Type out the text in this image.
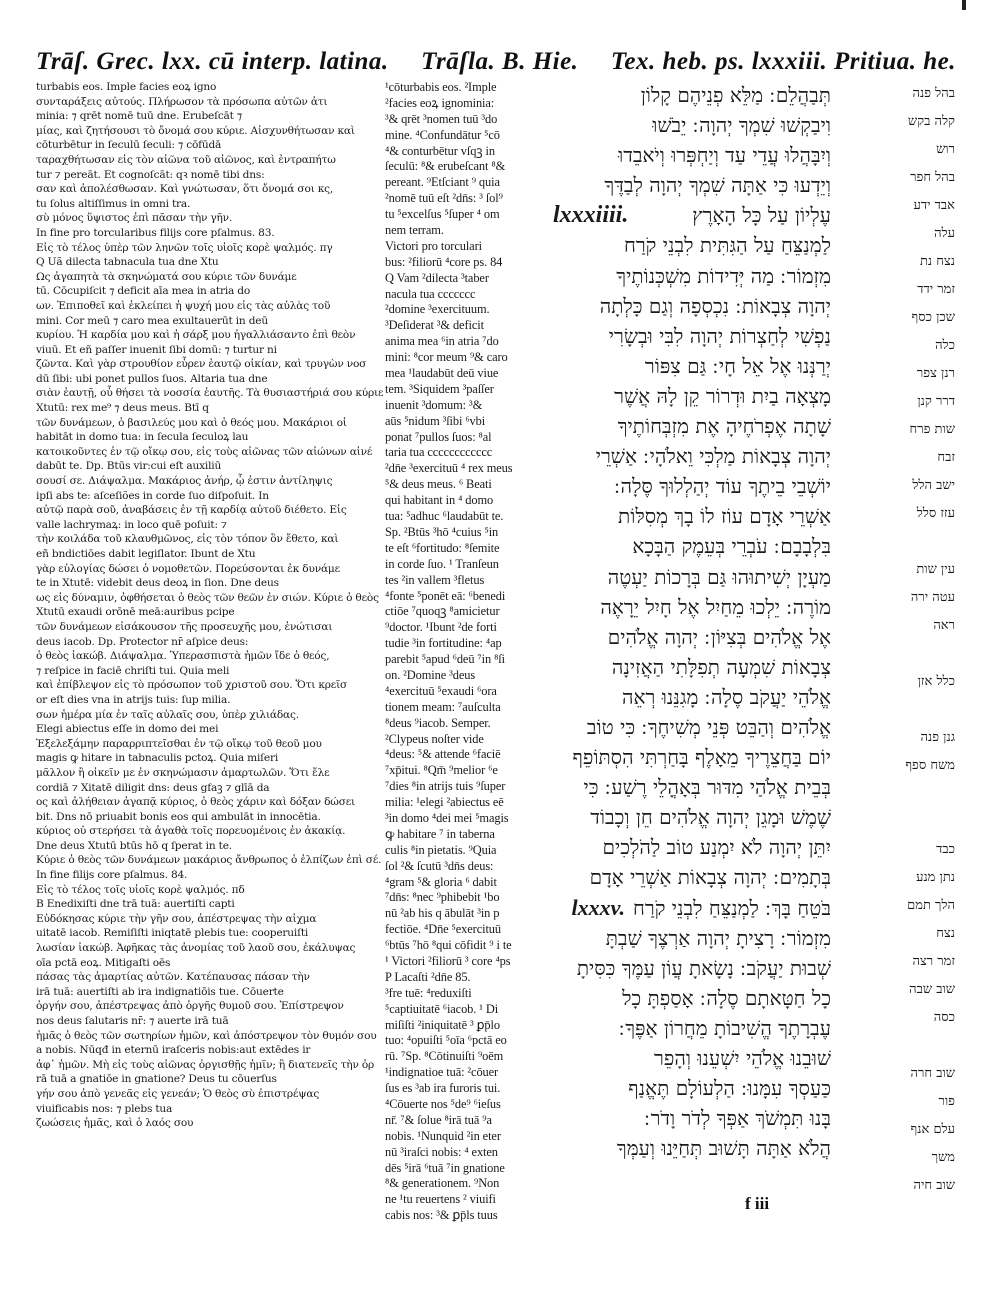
Trāſ. Grec. lxx. cū interp. latina. Trāſla. B. Hie. Tex. heb. ps. lxxxiii. Pritiua. he.
turbabis eos. Imple facies eoꝝ igno
συνταράξεις αὐτούς. Πλήρωσον τὰ πρόσωπα αὐτῶν ἀτι
minia: ⁊ qrēt nomē tuū dne. Erubeſcāt ⁊
μίας, καὶ ζητήσουσι τὸ ὄνομά σου κύριε. Αἰσχυνθήτωσαν καὶ
cōturbētur in ſeculū ſeculi: ⁊ cōfūdā
ταραχθήτωσαν εἰς τὸν αἰῶνα τοῦ αἰῶνος, καὶ ἐντραπήτω
tur ⁊ pereāt. Et cognoſcāt: qꝛ nomē tibi dns:
σαν καὶ ἀπολέσθωσαν. Καὶ γνώτωσαν, ὅτι ὄνομά σοι κς,
tu ſolus altiſſimus in omni tra.
σὺ μόνος ὕψιστος ἐπὶ πᾶσαν τὴν γῆν.
In fine pro torcularibus filijs core pſalmus. 83.
Εἰς τὸ τέλος ὑπὲρ τῶν ληνῶν τοῖς υἱοῖς κορὲ ψαλμός. πγ
Q Uã dilecta tabnacula tua dne Xtu
Ως ἀγαπητὰ τὰ σκηνώματά σου κύριε τῶν δυνάμε
tū. Cōcupiſcit ⁊ deficit aīa mea in atria do
ων. Ἐπιποθεῖ καὶ ἐκλείπει ἡ ψυχή μου εἰς τὰς αὐλὰς τοῦ
mini. Cor meū ⁊ caro mea exultauerūt in deū
κυρίου. Ἡ καρδία μου καὶ ἡ σάρξ μου ἠγαλλιάσαντο ἐπὶ θεὸν
viuū. Et eñ paſſer inuenit ſibi domū: ⁊ turtur ni
ζῶντα. Καὶ γὰρ στρουθίον εὗρεν ἑαυτῷ οἰκίαν, καὶ τρυγὼν νοσ
dū ſibi: ubi ponet pullos ſuos. Altaria tua dne
σιὰν ἑαυτῇ, οὗ θήσει τὰ νοσσία ἑαυτῆς. Τὰ θυσιαστήριά σου κύριε
Xtutū: rex me⁹ ⁊ deus meus. Btī q
τῶν δυνάμεων, ὁ βασιλεύς μου καὶ ὁ θεός μου. Μακάριοι οἱ
habitāt in domo tua: in ſecula ſeculoꝝ lau
κατοικοῦντες ἐν τῷ οἴκῳ σου, εἰς τοὺς αἰῶνας τῶν αἰώνων αἰνέ
dabūt te. Dp. Btūs vir:cui eſt auxiliū
σουσί σε. Διάψαλμα. Μακάριος ἀνήρ, ᾧ ἐστιν ἀντίληψις
ipſi abs te: aſceſiões in corde ſuo diſpoſuit. In
αὐτῷ παρὰ σοῦ, ἀναβάσεις ἐν τῇ καρδίᾳ αὐτοῦ διέθετο. Εἰς
valle lachrymaꝝ: in loco quē poſuit: ⁊
τὴν κοιλάδα τοῦ κλαυθμῶνος, εἰς τὸν τόπον ὃν ἔθετο, καὶ
eñ bndictiōes dabit legiſlator. Ibunt de Xtu
γὰρ εὐλογίας δώσει ὁ νομοθετῶν. Πορεύσονται ἐκ δυνάμε
te in Xtutē: videbit deus deoꝝ in ſion. Dne deus
ως εἰς δύναμιν, ὀφθήσεται ὁ θεὸς τῶν θεῶν ἐν σιών. Κύριε ὁ θεὸς
Xtutū exaudi orōnē meā:auribus pcipe
τῶν δυνάμεων εἰσάκουσον τῆς προσευχῆς μου, ἐνώτισαι
deus iacob. Dp. Protector nr̄ aſpice deus:
ὁ θεὸς ἰακώβ. Διάψαλμα. Ὑπερασπιστὰ ἡμῶν ἴδε ὁ θεός,
⁊ reſpice in faciē chriſti tui. Quia meli
καὶ ἐπίβλεψον εἰς τὸ πρόσωπον τοῦ χριστοῦ σου. Ὅτι κρεῖσ
or eſt dies vna in atrijs tuis: ſup milia.
σων ἡμέρα μία ἐν ταῖς αὐλαῖς σου, ὑπὲρ χιλιάδας.
Elegi abiectus eſſe in domo dei mei
Ἐξελεξάμην παραρριπτεῖσθαι ἐν τῷ οἴκῳ τοῦ θεοῦ μου
magis ꝙ hitare in tabnaculis pctoꝝ. Quia miſeri
μᾶλλον ἢ οἰκεῖν με ἐν σκηνώμασιν ἁμαρτωλῶν. Ὅτι ἔλε
cordiā ⁊ Xitatē diligit dns: deus gfaꝫ ⁊ glīā da
ος καὶ ἀλήθειαν ἀγαπᾷ κύριος, ὁ θεὸς χάριν καὶ δόξαν δώσει
bit. Dns nō priuabit bonis eos qui ambulāt in innocētia.
κύριος οὐ στερήσει τὰ ἀγαθὰ τοῖς πορευομένοις ἐν ἀκακίᾳ.
Dne deus Xtutū btūs hō q ſperat in te.
Κύριε ὁ θεὸς τῶν δυνάμεων μακάριος ἄνθρωπος ὁ ἐλπίζων ἐπὶ σέ.
In fine filijs core pſalmus. 84.
Εἰς τὸ τέλος τοῖς υἱοῖς κορὲ ψαλμός. πδ
B Enedixiſti dne trā tuā: auertiſti capti
Εὐδόκησας κύριε τὴν γῆν σου, ἀπέστρεψας τὴν αἰχμα
uitatē iacob. Remiſiſti iniqtatē plebis tue: cooperuiſti
λωσίαν ἰακώβ. Ἀφῆκας τὰς ἀνομίας τοῦ λαοῦ σου, ἐκάλυψας
oīa pctā eoꝝ. Mitigaſti oēs
πάσας τὰς ἁμαρτίας αὐτῶν. Κατέπαυσας πάσαν τὴν
irā tuā: auertiſti ab ira indignatiōis tue. Cōuerte
ὀργήν σου, ἀπέστρεψας ἀπὸ ὀργῆς θυμοῦ σου. Ἐπίστρεψον
nos deus ſalutaris nr̄: ⁊ auerte irā tuā
ἡμᾶς ὁ θεὸς τῶν σωτηρίων ἡμῶν, καὶ ἀπόστρεψον τὸν θυμόν σου
a nobis. Nūqđ in eternū iraſceris nobis:aut extēdes ir
ἀφ᾽ ἡμῶν. Μὴ εἰς τοὺς αἰῶνας ὀργισθῇς ἡμῖν; ἢ διατενεῖς τὴν ὀρ
rā tuā a gnatiōe in gnatione? Deus tu cōuerſus
γήν σου ἀπὸ γενεᾶς εἰς γενεάν; Ὁ θεὸς σὺ ἐπιστρέψας
viuificabis nos: ⁊ plebs tua
ζωώσεις ἡμᾶς, καὶ ὁ λαός σου
¹cōturbabis eos. ²Imple
²facies eoꝝ ignominia:
³& qrēt ³nomen tuū ³do
mine. ⁴Confundātur ⁵cō
⁴& conturbētur vſqꝫ in
ſeculū: ⁸& erubeſcant ⁸&
pereant. ⁹Etſciant ⁹ quia
²nomē tuū eſt ²dn̄s: ³ ſol⁹
tu ⁵excelſus ⁵ſuper ⁴ om
nem terram.
Victori pro torculari
bus: ²filiorū ⁴core ps. 84
Q Vam ²dilecta ³taber
nacula tua ccccccc
²domine ³exercituum.
³Deſiderat ³& deficit
anima mea ⁶in atria ⁷do
mini: ⁸cor meum ⁹& caro
mea ¹laudabūt deū viue
tem. ³Siquidem ³paſſer
inuenit ³domum: ³&
aūs ⁵nidum ³ſibi ⁶vbi
ponat ⁷pullos ſuos: ⁸al
taria tua cccccccccccc
²dn̄e ³exercituū ⁴ rex meus
⁵& deus meus. ⁶ Beati
qui habitant in ⁴ domo
tua: ⁵adhuc ⁶laudabūt te.
Sp. ²Btūs ³hō ⁴cuius ⁵in
te eſt ⁶fortitudo: ⁸ſemite
in corde ſuo. ¹ Tranſeun
tes ²in vallem ³fletus
⁴fonte ⁵ponēt eā: ⁶benedi
ctiōe ⁷quoqꝫ ⁸amicietur
⁹doctor. ¹Ibunt ²de forti
tudie ³in fortitudine: ⁴ap
parebit ⁵apud ⁶deū ⁷in ⁸ſi
on. ²Domine ³deus
⁴exercituū ⁵exaudi ⁶ora
tionem meam: ⁷auſculta
⁸deus ⁹iacob. Semper.
²Clypeus noſter vide
⁴deus: ⁵& attende ⁶faciē
⁷xp̄itui. ⁸Qm̄ ⁹melior ⁶e
⁷dies ⁸in atrijs tuis ⁹ſuper
milia: ¹elegi ²abiectus eē
³in domo ⁴dei mei ⁵magis
ꝙ habitare ⁷ in taberna
culis ⁸in pietatis. ⁹Quia
ſol ²& ſcutū ³dn̄s deus:
⁴gram ⁵& gloria ⁶ dabit
⁷dn̄s: ⁸nec ⁹phibebit ¹bo
nū ²ab his q ābulāt ³in p
fectiōe. ⁴Dn̄e ⁵exercituū
⁶btūs ⁷hō ⁸qui cōfidit ⁹ i te
¹ Victori ²filiorū ³ core ⁴ps
P Lacaſti ²dn̄e 85.
³fre tuē: ⁴reduxiſti
⁵captiuitatē ⁶iacob. ¹ Di
miſiſti ²iniquitatē ³ ꝑp̄lo
tuo: ⁴opuiſti ⁵oīa ⁶pctā eo
rū. ⁷Sp. ⁸Cōtinuiſti ⁹oēm
¹indignatioe tuā: ²cōuer
ſus es ³ab ira furoris tui.
⁴Cōuerte nos ⁵de⁹ ⁶ieſus
nr̄. ⁷& ſolue ⁸irā tuā ⁹a
nobis. ¹Nunquid ²in eter
nū ³iraſci nobis: ⁴ exten
dēs ⁵irā ⁶tuā ⁷in gnatione
⁸& generationem. ⁹Non
ne ¹tu reuertens ² viuifi
cabis nos: ³& ꝑp̄ls tuus
תְּבַהֲלֵם ׃ מַלֵּא פְנֵיהֶם קָלוֹן
וִיבַקְשׁוּ שִׁמְךָ יְהוָה ׃ יֵבֹשׁוּ
וְיִבָּהֲלוּ עֲדֵי עַד וְיַחְפְּרוּ וְיֹאבֵדוּ
וְיֵדְעוּ כִּי אַתָּה שִׁמְךָ יְהוָה לְבַדֶּךָ
עֶלְיוֹן עַל כָּל הָאָרֶץ
lxxxiiii.
לַמְנַצֵּחַ עַל הַגִּתִּית לִבְנֵי קֹרַח
מִזְמוֹר ׃ מַה יְּדִידוֹת מִשְׁכְּנוֹתֶיךָ
יְהוָה צְבָאוֹת ׃ נִכְסְפָה וְגַם כָּלְתָה
נַפְשִׁי לְחַצְרוֹת יְהוָה לִבִּי וּבְשָׂרִי
יְרַנְּנוּ אֶל אֵל חָי ׃ גַּם צִפּוֹר
מָצְאָה בַיִת וּדְרוֹר קֵן לָהּ אֲשֶׁר
שָׁתָה אֶפְרֹחֶיהָ אֶת מִזְבְּחוֹתֶיךָ
יְהוָה צְבָאוֹת מַלְכִּי וֵאלֹהָי ׃ אַשְׁרֵי
יוֹשְׁבֵי בֵיתֶךָ עוֹד יְהַלְלוּךָ סֶּלָה ׃
אַשְׁרֵי אָדָם עוֹז לוֹ בָךְ מְסִלּוֹת
בִּלְבָבָם ׃ עֹבְרֵי בְּעֵמֶק הַבָּכָא
מַעְיָן יְשִׁיתוּהוּ גַּם בְּרָכוֹת יַעְטֶה
מוֹרֶה ׃ יֵלְכוּ מֵחַיִל אֶל חָיִל יֵרָאֶה
אֶל אֱלֹהִים בְּצִיּוֹן ׃ יְהוָה אֱלֹהִים
צְבָאוֹת שִׁמְעָה תְפִלָּתִי הַאֲזִינָה
אֱלֹהֵי יַעֲקֹב סֶלָה ׃ מָגִנֵּנוּ רְאֵה
אֱלֹהִים וְהַבֵּט פְּנֵי מְשִׁיחֶךָ ׃ כִּי טוֹב
יוֹם בַּחֲצֵרֶיךָ מֵאָלֶף בָּחַרְתִּי הִסְתּוֹפֵף
בְּבֵית אֱלֹהַי מִדּוּר בְּאָהֳלֵי רֶשַׁע ׃ כִּי
שֶׁמֶשׁ וּמָגֵן יְהוָה אֱלֹהִים חֵן וְכָבוֹד
יִתֵּן יְהוָה לֹא יִמְנַע טוֹב לַהֹלְכִים
בְּתָמִים ׃ יְהוָה צְבָאוֹת אַשְׁרֵי אָדָם
בֹּטֵחַ בָּךְ ׃ לַמְנַצֵּחַ לִבְנֵי קֹרַח
lxxxv.
מִזְמוֹר ׃ רָצִיתָ יְהוָה אַרְצֶךָ שַׁבְתָּ
שְׁבוּת יַעֲקֹב ׃ נָשָׂאתָ עֲוֹן עַמֶּךָ כִּסִּיתָ
כָל חַטָּאתָם סֶלָה ׃ אָסַפְתָּ כָל
עֶבְרָתֶךָ הֱשִׁיבוֹתָ מֵחֲרוֹן אַפֶּךָ ׃
שׁוּבֵנוּ אֱלֹהֵי יִשְׁעֵנוּ וְהָפֵר
כַּעַסְךָ עִמָּנוּ ׃ הַלְעוֹלָם תֶּאֱנַף
בָּנוּ תִּמְשֹׁךְ אַפְּךָ לְדֹר וָדֹר ׃
הֲלֹא אַתָּה תָּשׁוּב תְּחַיֵּנוּ וְעַמְּךָ
בהל פנה
קלה בקש
רוש
בהל חפר
אבד ידע
עלה
נצח נת
זמר ידד
שכן כסף
כלה
רנן צפר
דרר קנן
שות פרח
זבח
ישב הלל
עזז סלל
עין שות
עטה ירה
ראה
כלל אזן
גנן פנה
משח ספף
כבד
נתן מנע
הלך תמם
נצח
זמר רצה
שוב שבה
כסה
שוב חרה
פור
עלם אנף
משך
שוב חיה
f iii
